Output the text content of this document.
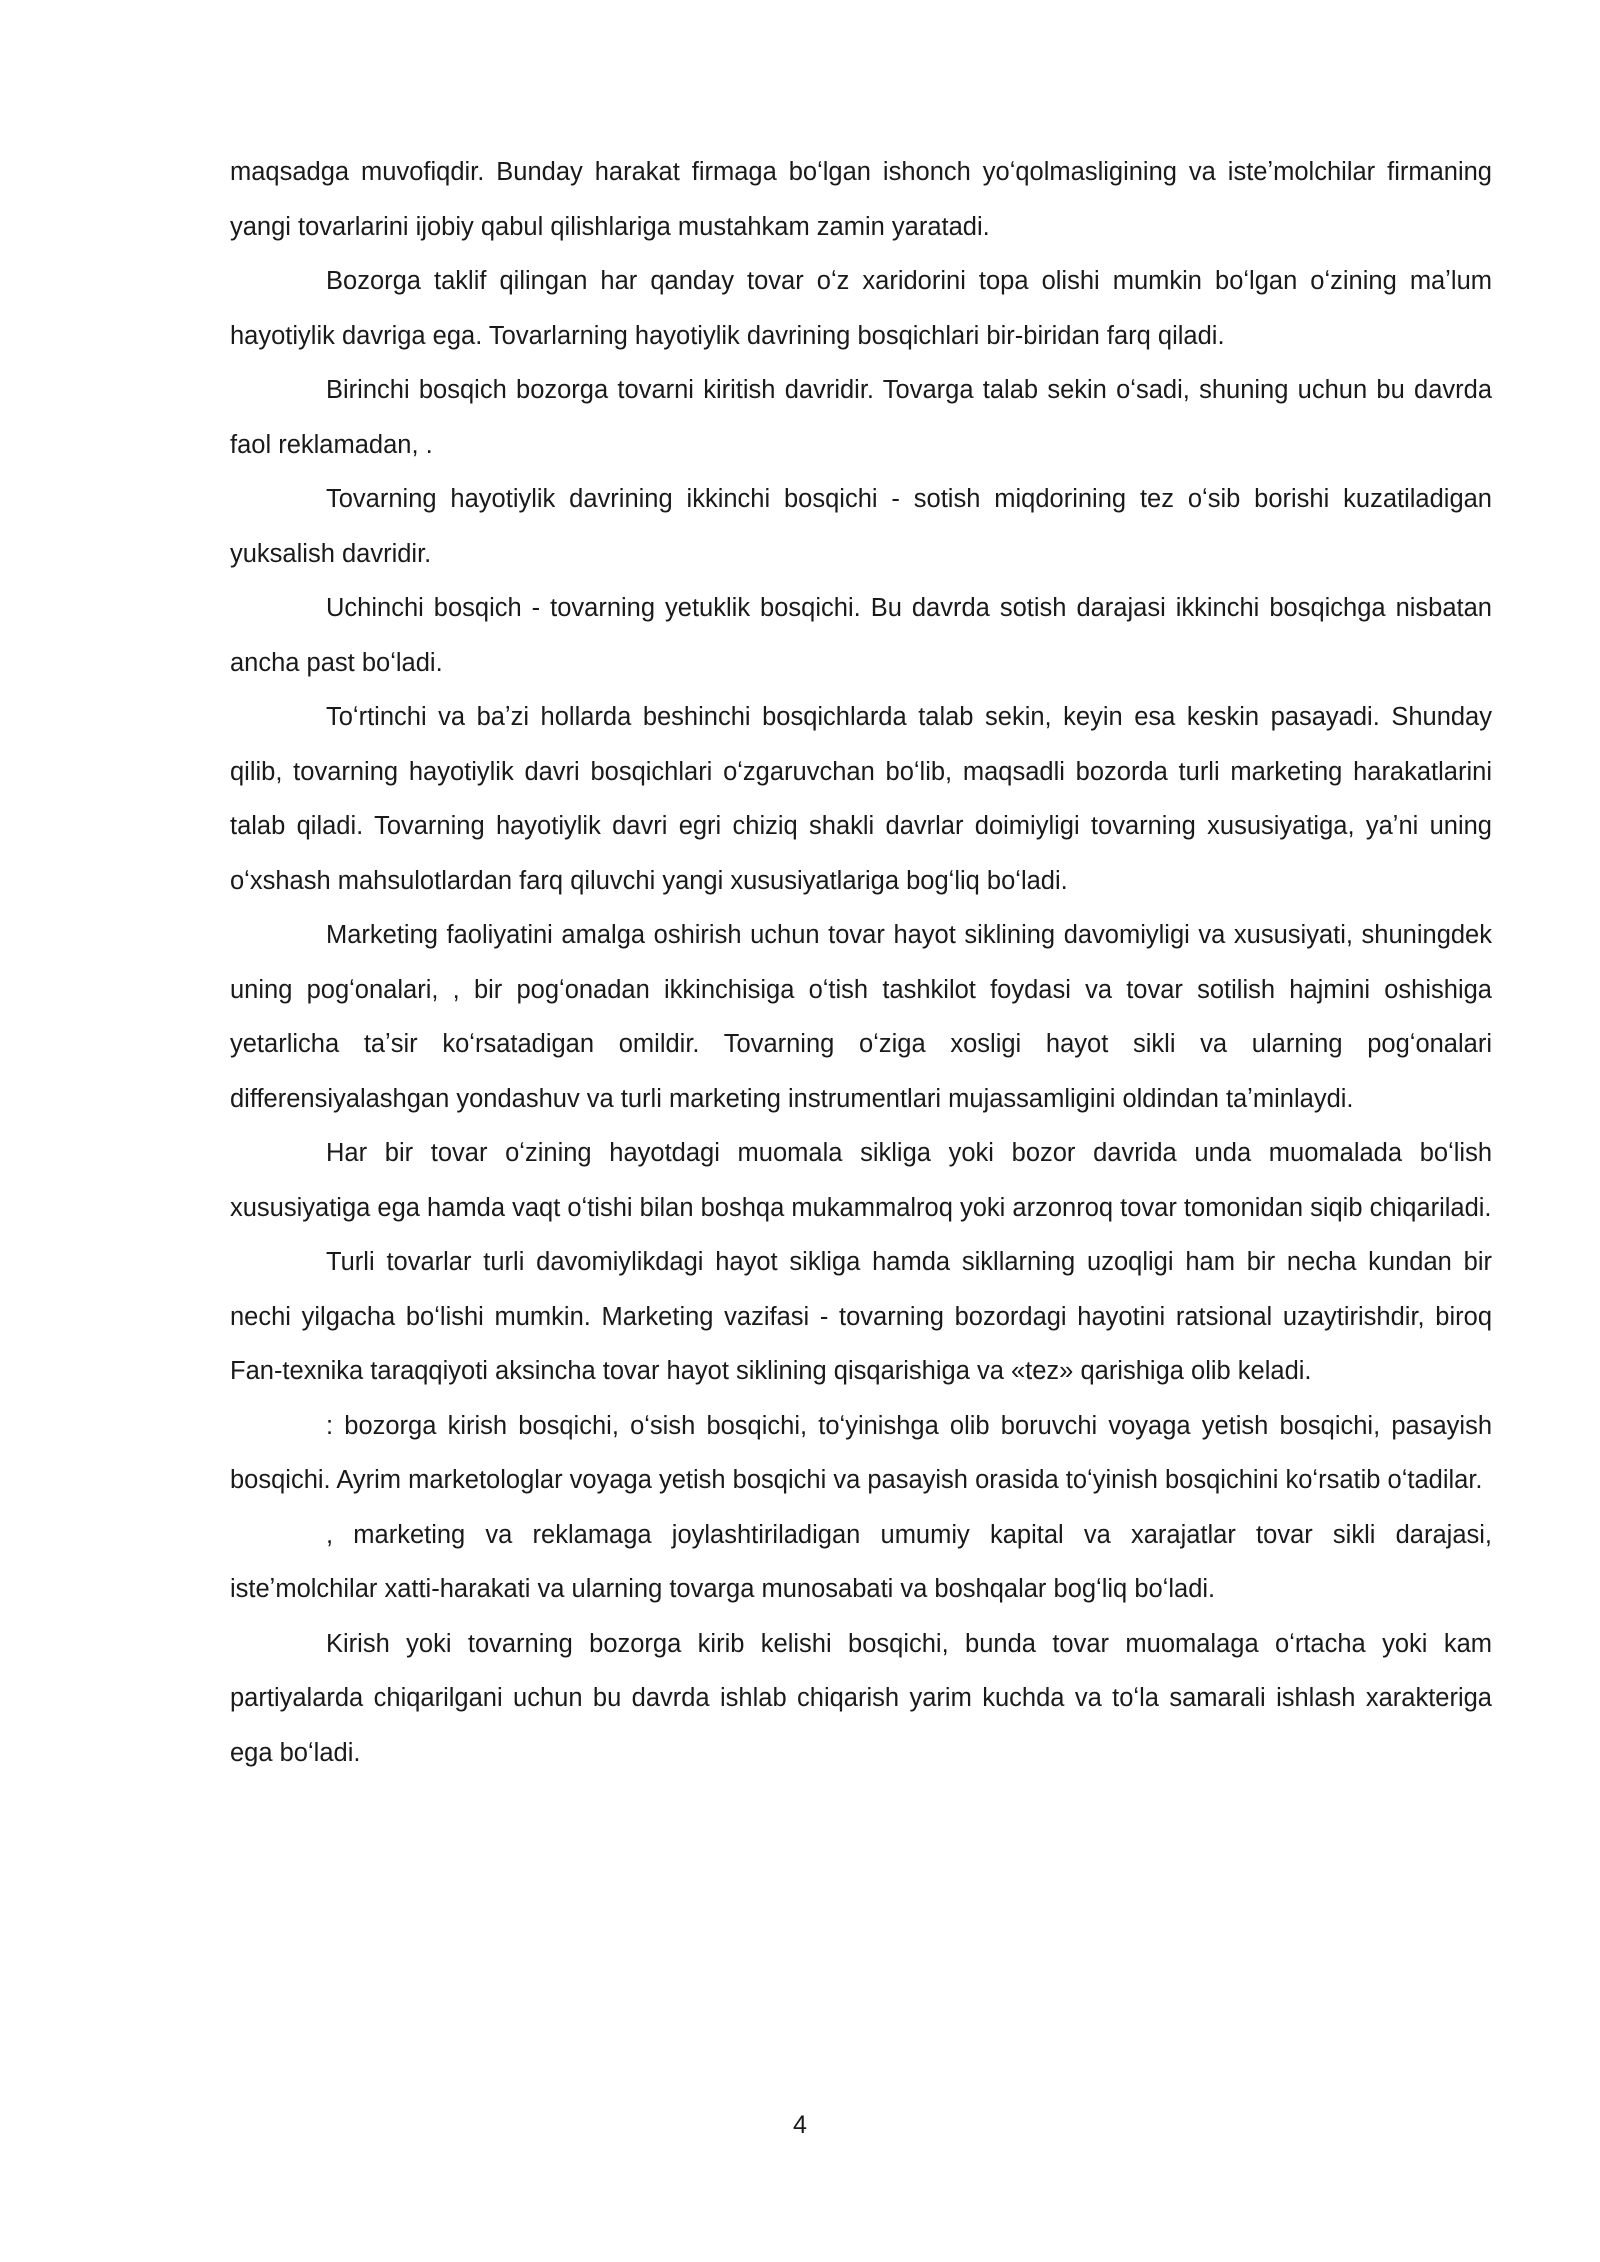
maqsadga muvofiqdir. Bunday harakat firmaga boʻlgan ishonch yoʻqolmasligining va isteʼmolchilar firmaning yangi tovarlarini ijobiy qabul qilishlariga mustahkam zamin yaratadi.

Bozorga taklif qilingan har qanday tovar oʻz xaridorini topa olishi mumkin boʻlgan oʻzining maʼlum hayotiylik davriga ega. Tovarlarning hayotiylik davrining bosqichlari bir-biridan farq qiladi.

Birinchi bosqich bozorga tovarni kiritish davridir. Tovarga talab sekin oʻsadi, shuning uchun bu davrda faol reklamadan, .

Tovarning hayotiylik davrining ikkinchi bosqichi - sotish miqdorining tez oʻsib borishi kuzatiladigan yuksalish davridir.

Uchinchi bosqich - tovarning yetuklik bosqichi. Bu davrda sotish darajasi ikkinchi bosqichga nisbatan ancha past boʻladi.

Toʻrtinchi va baʼzi hollarda beshinchi bosqichlarda talab sekin, keyin esa keskin pasayadi. Shunday qilib, tovarning hayotiylik davri bosqichlari oʻzgaruvchan boʻlib, maqsadli bozorda turli marketing harakatlarini talab qiladi. Tovarning hayotiylik davri egri chiziq shakli davrlar doimiyligi tovarning xususiyatiga, yaʼni uning oʻxshash mahsulotlardan farq qiluvchi yangi xususiyatlariga bogʻliq boʻladi.

Marketing faoliyatini amalga oshirish uchun tovar hayot siklining davomiyligi va xususiyati, shuningdek uning pogʻonalari, , bir pogʻonadan ikkinchisiga oʻtish tashkilot foydasi va tovar sotilish hajmini oshishiga yetarlicha taʼsir koʻrsatadigan omildir. Tovarning oʻziga xosligi hayot sikli va ularning pogʻonalari differensiyalashgan yondashuv va turli marketing instrumentlari mujassamligini oldindan taʼminlaydi.

Har bir tovar oʻzining hayotdagi muomala sikliga yoki bozor davrida unda muomalada boʻlish xususiyatiga ega hamda vaqt oʻtishi bilan boshqa mukammalroq yoki arzonroq tovar tomonidan siqib chiqariladi.

Turli tovarlar turli davomiylikdagi hayot sikliga hamda sikllarning uzoqligi ham bir necha kundan bir nechi yilgacha boʻlishi mumkin. Marketing vazifasi - tovarning bozordagi hayotini ratsional uzaytirishdir, biroq Fan-texnika taraqqiyoti aksincha tovar hayot siklining qisqarishiga va «tez» qarishiga olib keladi.

: bozorga kirish bosqichi, oʻsish bosqichi, toʻyinishga olib boruvchi voyaga yetish bosqichi, pasayish bosqichi. Ayrim marketologlar voyaga yetish bosqichi va pasayish orasida toʻyinish bosqichini koʻrsatib oʻtadilar.

, marketing va reklamaga joylashtiriladigan umumiy kapital va xarajatlar tovar sikli darajasi, isteʼmolchilar xatti-harakati va ularning tovarga munosabati va boshqalar bogʻliq boʻladi.

Kirish yoki tovarning bozorga kirib kelishi bosqichi, bunda tovar muomalaga oʻrtacha yoki kam partiyalarda chiqarilgani uchun bu davrda ishlab chiqarish yarim kuchda va toʻla samarali ishlash xarakteriga ega boʻladi.

4
